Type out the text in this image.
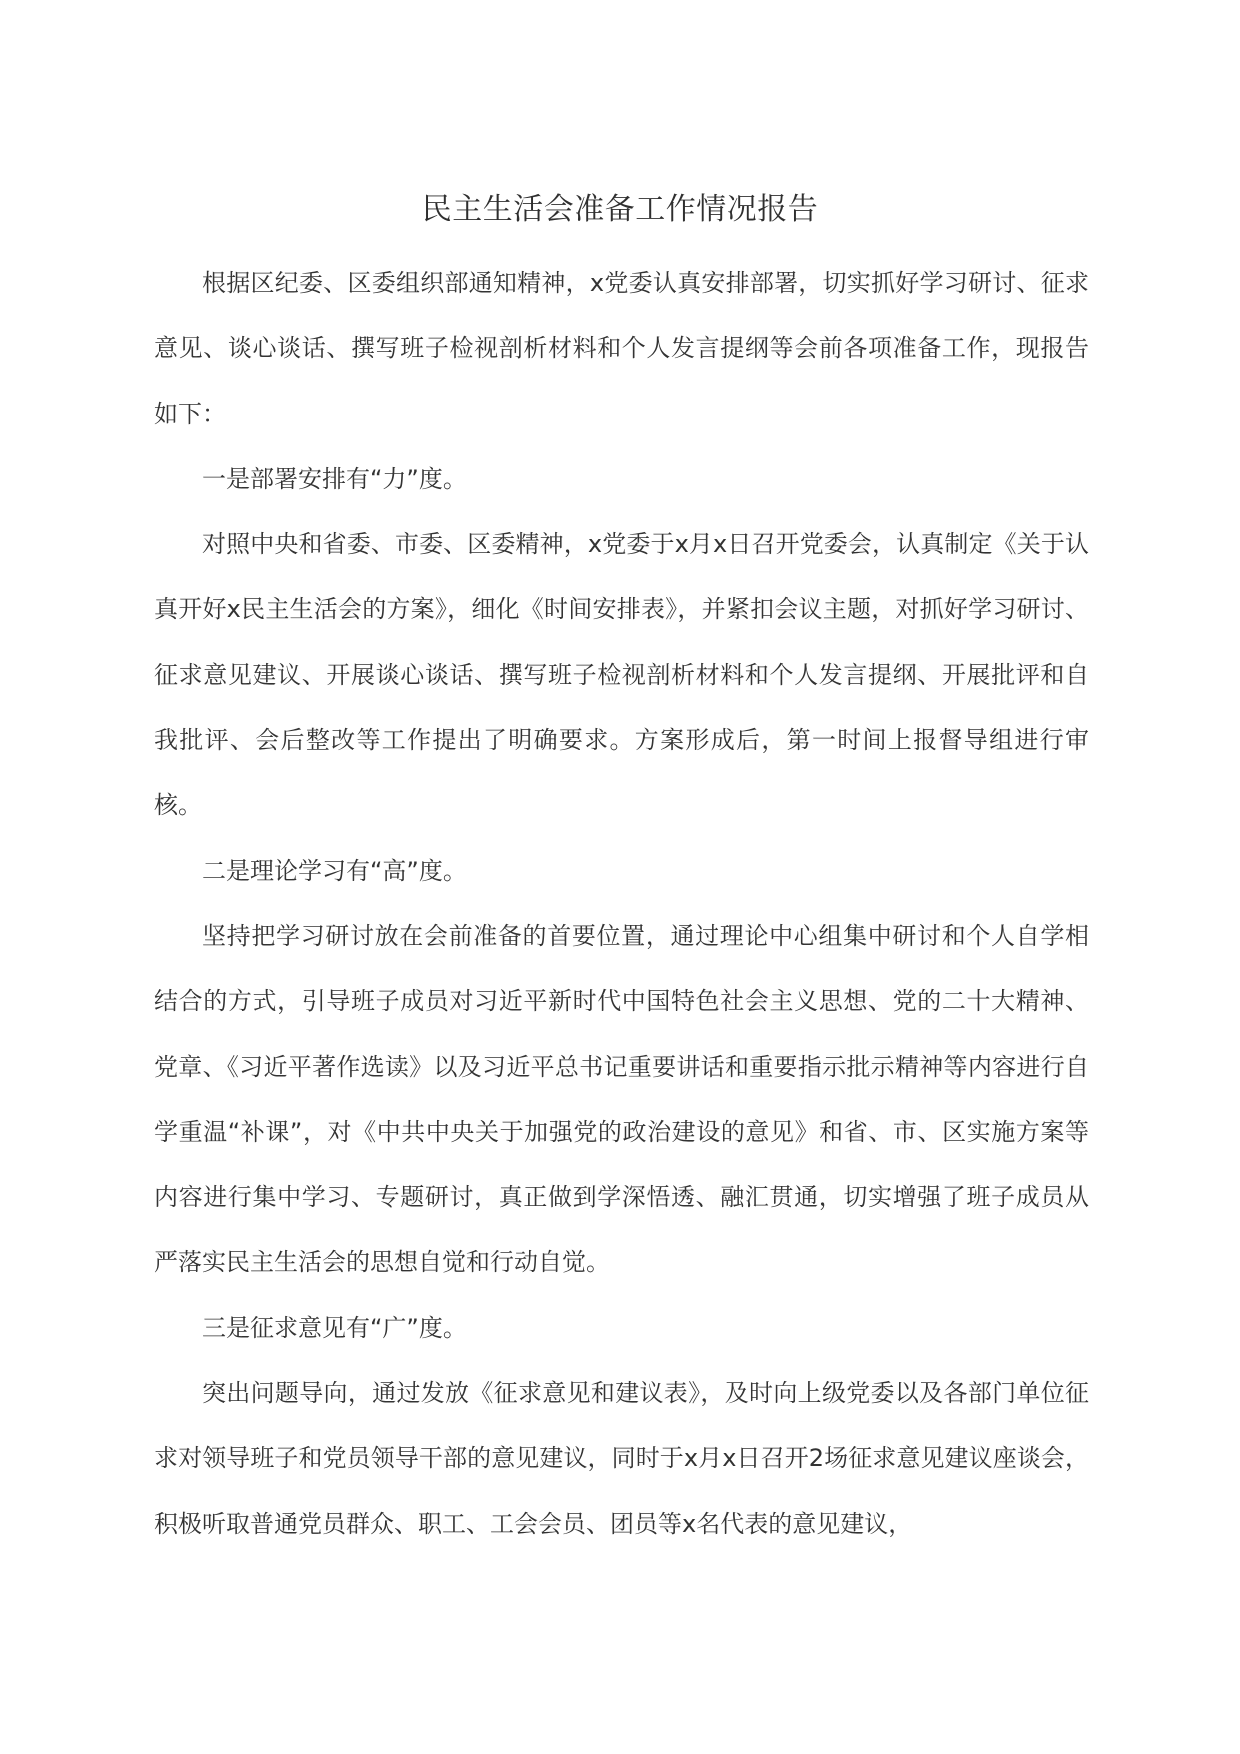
民主生活会准备工作情况报告

根据区纪委、区委组织部通知精神，x党委认真安排部署，切实抓好学习研讨、征求意见、谈心谈话、撰写班子检视剖析材料和个人发言提纲等会前各项准备工作，现报告如下：

一是部署安排有“力”度。

对照中央和省委、市委、区委精神，x党委于x月x日召开党委会，认真制定《关于认真开好x民主生活会的方案》，细化《时间安排表》，并紧扣会议主题，对抓好学习研讨、征求意见建议、开展谈心谈话、撰写班子检视剖析材料和个人发言提纲、开展批评和自我批评、会后整改等工作提出了明确要求。方案形成后，第一时间上报督导组进行审核。

二是理论学习有“高”度。

坚持把学习研讨放在会前准备的首要位置，通过理论中心组集中研讨和个人自学相结合的方式，引导班子成员对习近平新时代中国特色社会主义思想、党的二十大精神、党章、《习近平著作选读》以及习近平总书记重要讲话和重要指示批示精神等内容进行自学重温“补课”，对《中共中央关于加强党的政治建设的意见》和省、市、区实施方案等内容进行集中学习、专题研讨，真正做到学深悟透、融汇贯通，切实增强了班子成员从严落实民主生活会的思想自觉和行动自觉。

三是征求意见有“广”度。

突出问题导向，通过发放《征求意见和建议表》，及时向上级党委以及各部门单位征求对领导班子和党员领导干部的意见建议，同时于x月x日召开2场征求意见建议座谈会，积极听取普通党员群众、职工、工会会员、团员等x名代表的意见建议，
